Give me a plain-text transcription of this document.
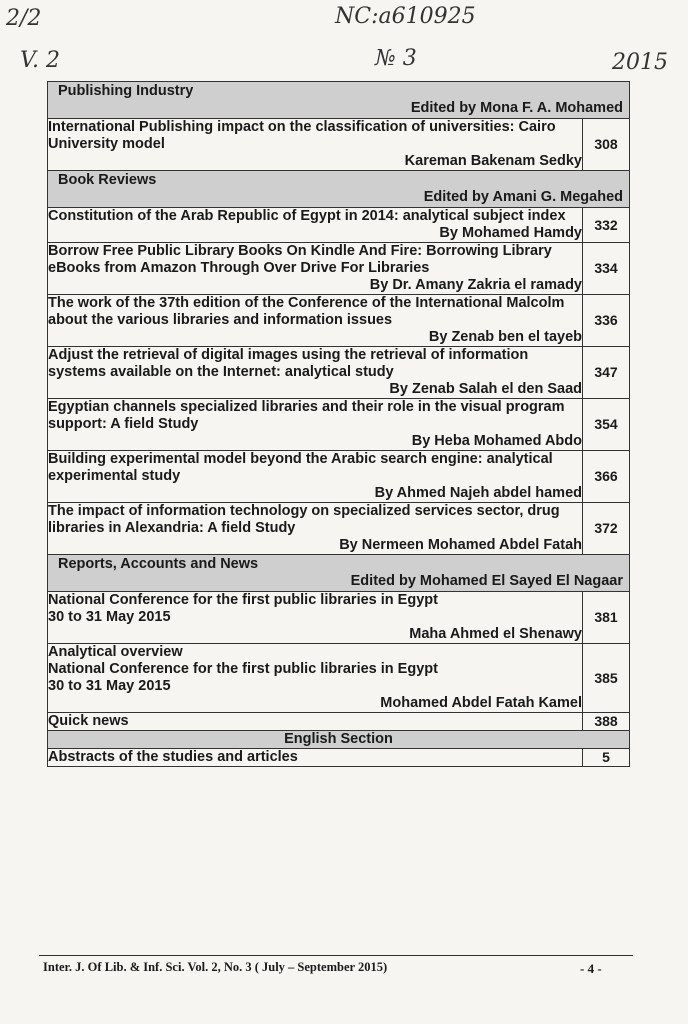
2/2	NC:a610925
V. 2	№ 3	2015
Publishing Industry
Edited by Mona F. A. Mohamed	

International Publishing impact on the classification of universities: Cairo University model
Kareman Bakenam Sedky	308

Book Reviews
Edited by Amani G. Megahed	

Constitution of the Arab Republic of Egypt in 2014: analytical subject index
By Mohamed Hamdy	332

Borrow Free Public Library Books On Kindle And Fire: Borrowing Library eBooks from Amazon Through Over Drive For Libraries
By Dr. Amany Zakria el ramady	334

The work of the 37th edition of the Conference of the International Malcolm about the various libraries and information issues
By Zenab ben el tayeb	336

Adjust the retrieval of digital images using the retrieval of information systems available on the Internet: analytical study
By Zenab Salah el den Saad	347

Egyptian channels specialized libraries and their role in the visual program support: A field Study
By Heba Mohamed Abdo	354

Building experimental model beyond the Arabic search engine: analytical experimental study
By Ahmed Najeh abdel hamed	366

The impact of information technology on specialized services sector, drug libraries in Alexandria: A field Study
By Nermeen Mohamed Abdel Fatah	372

Reports, Accounts and News
Edited by Mohamed El Sayed El Nagaar	

National Conference for the first public libraries in Egypt
30 to 31 May 2015
Maha Ahmed el Shenawy	381

Analytical overview
National Conference for the first public libraries in Egypt
30 to 31 May 2015
Mohamed Abdel Fatah Kamel	385
Quick news	388
English Section	
Abstracts of the studies and articles	5
Inter. J. Of Lib. & Inf. Sci. Vol. 2, No. 3 ( July – September 2015)	- 4 -
